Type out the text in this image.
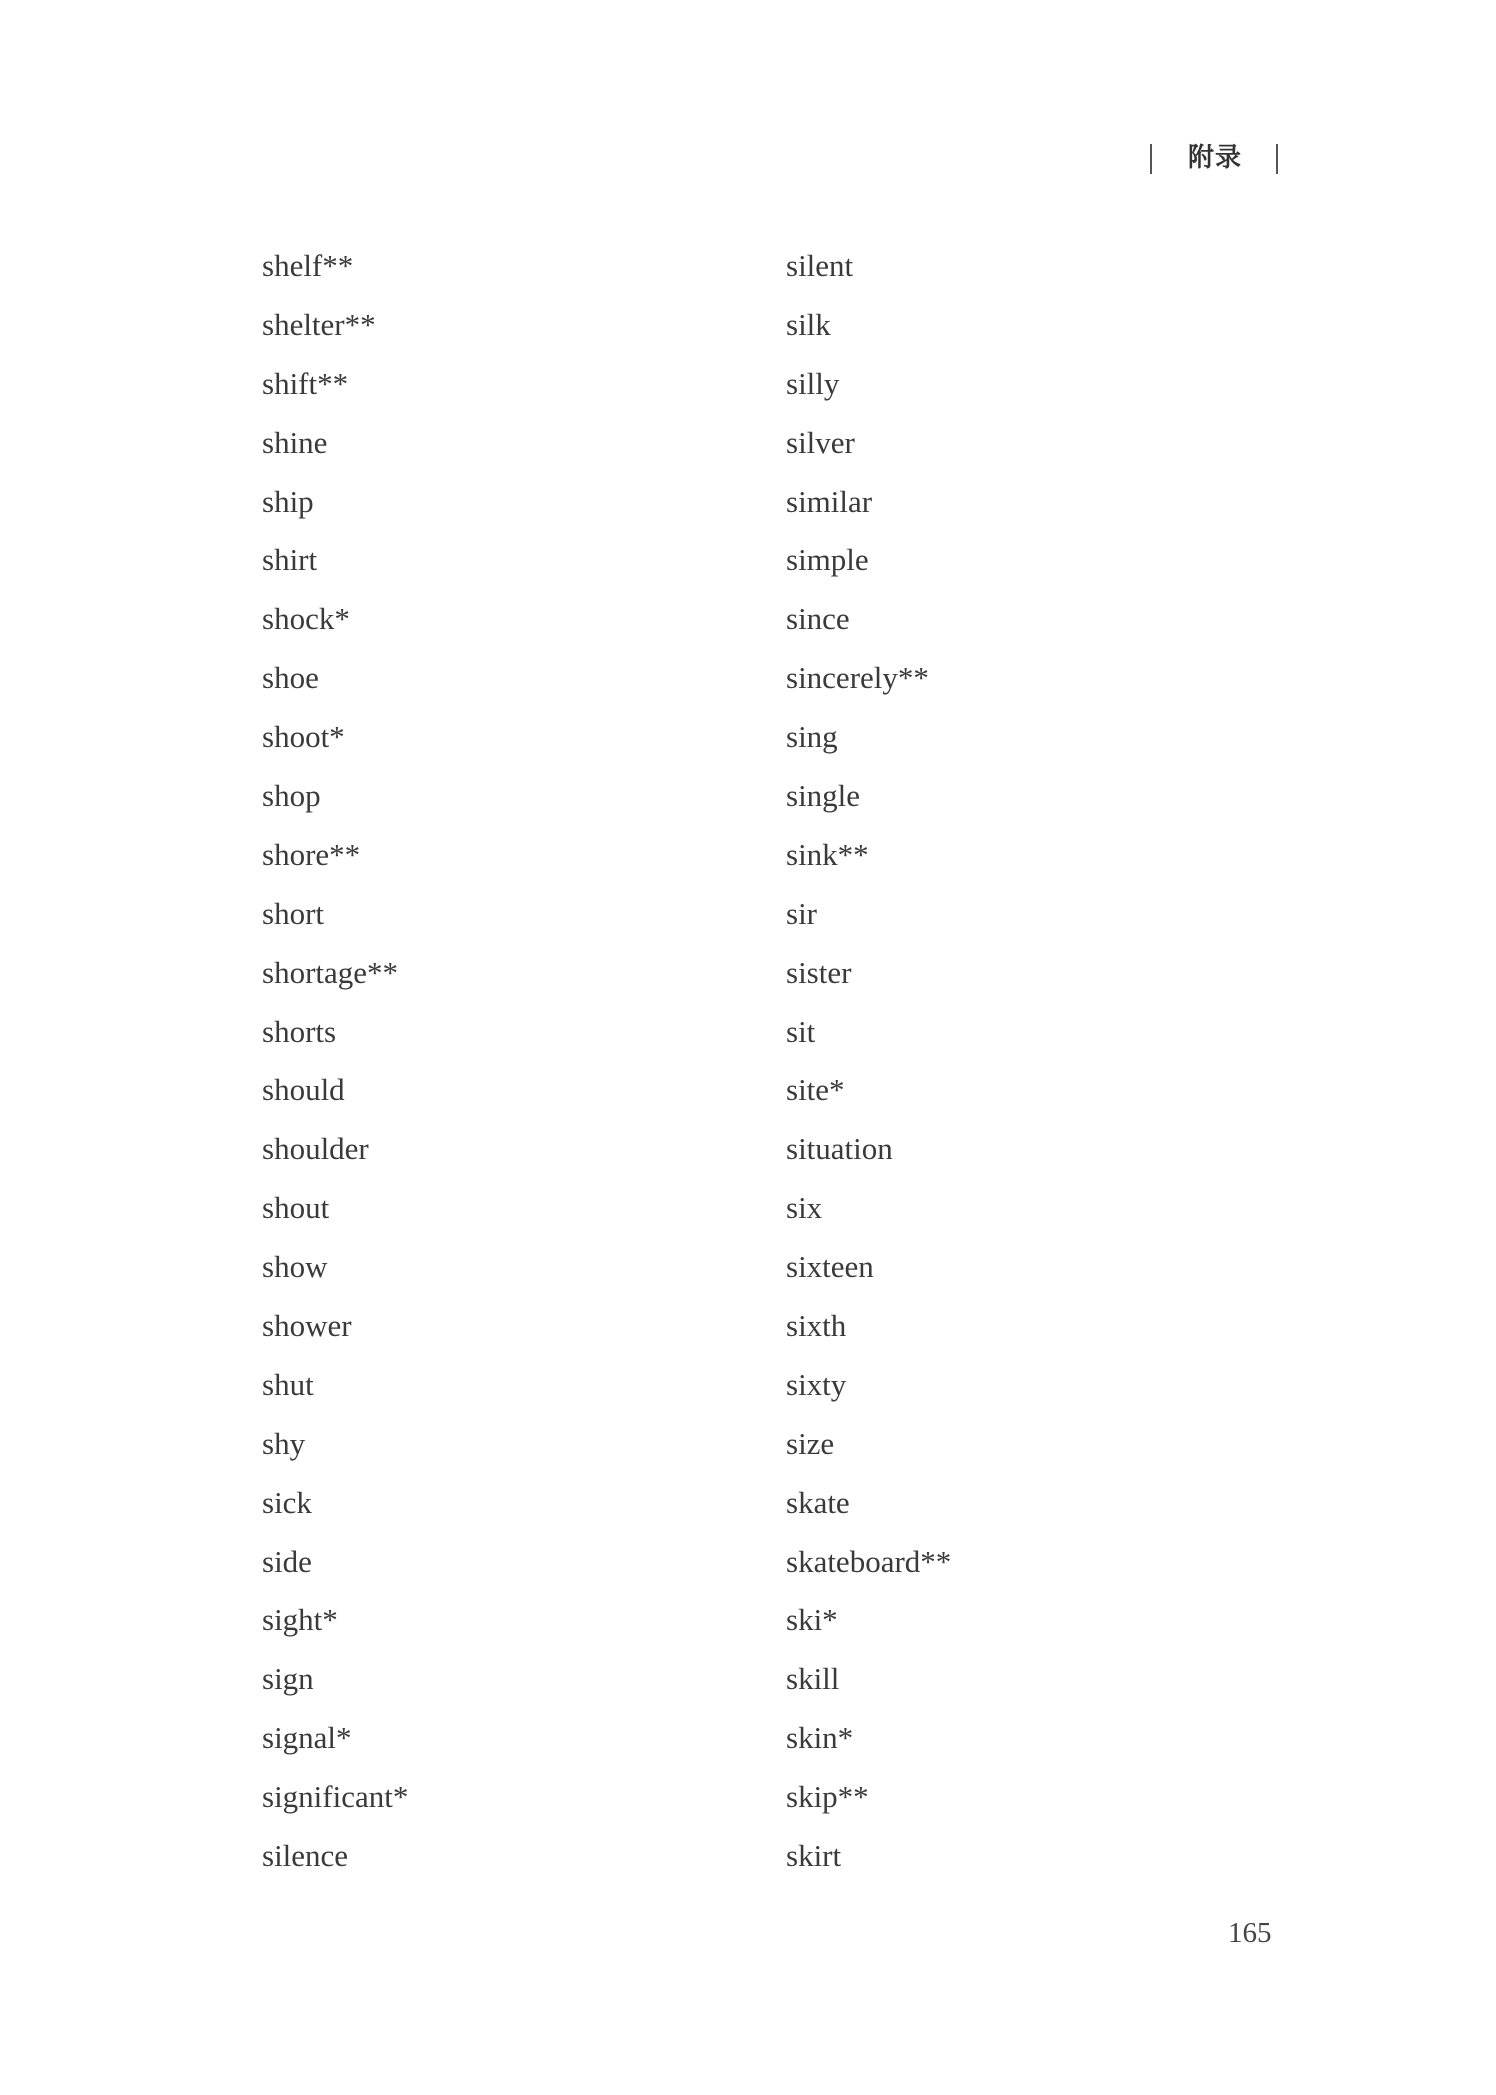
附录
shelf**
shelter**
shift**
shine
ship
shirt
shock*
shoe
shoot*
shop
shore**
short
shortage**
shorts
should
shoulder
shout
show
shower
shut
shy
sick
side
sight*
sign
signal*
significant*
silence
silent
silk
silly
silver
similar
simple
since
sincerely**
sing
single
sink**
sir
sister
sit
site*
situation
six
sixteen
sixth
sixty
size
skate
skateboard**
ski*
skill
skin*
skip**
skirt
165
